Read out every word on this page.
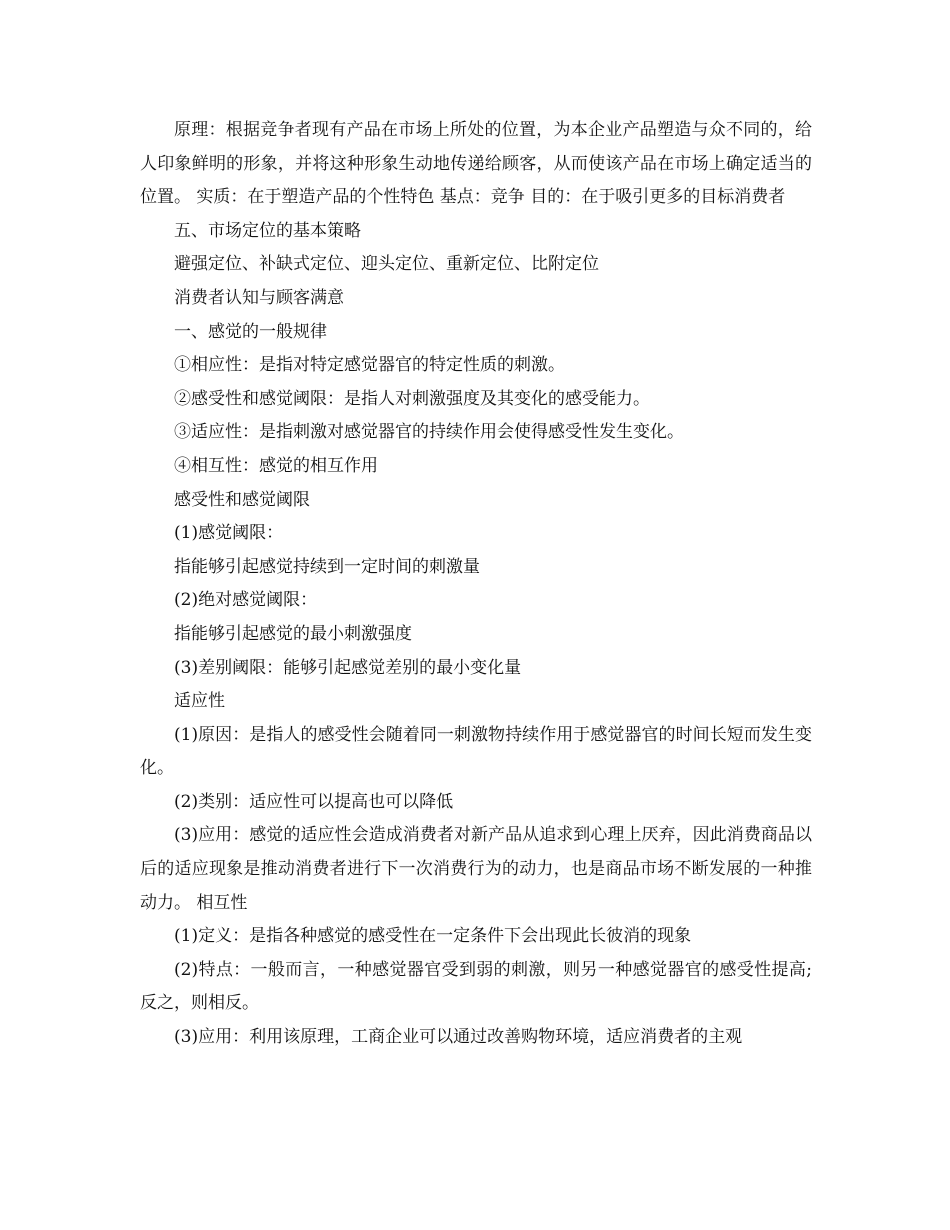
原理：根据竞争者现有产品在市场上所处的位置，为本企业产品塑造与众不同的，给人印象鲜明的形象，并将这种形象生动地传递给顾客，从而使该产品在市场上确定适当的位置。 实质：在于塑造产品的个性特色 基点：竞争 目的：在于吸引更多的目标消费者

五、市场定位的基本策略

避强定位、补缺式定位、迎头定位、重新定位、比附定位

消费者认知与顾客满意

一、感觉的一般规律

①相应性：是指对特定感觉器官的特定性质的刺激。

②感受性和感觉阈限：是指人对刺激强度及其变化的感受能力。

③适应性：是指刺激对感觉器官的持续作用会使得感受性发生变化。

④相互性：感觉的相互作用

感受性和感觉阈限

(1)感觉阈限：

指能够引起感觉持续到一定时间的刺激量

(2)绝对感觉阈限：

指能够引起感觉的最小刺激强度

(3)差别阈限：能够引起感觉差别的最小变化量

适应性

(1)原因：是指人的感受性会随着同一刺激物持续作用于感觉器官的时间长短而发生变化。

(2)类别：适应性可以提高也可以降低

(3)应用：感觉的适应性会造成消费者对新产品从追求到心理上厌弃，因此消费商品以后的适应现象是推动消费者进行下一次消费行为的动力，也是商品市场不断发展的一种推动力。 相互性

(1)定义：是指各种感觉的感受性在一定条件下会出现此长彼消的现象

(2)特点：一般而言，一种感觉器官受到弱的刺激，则另一种感觉器官的感受性提高;反之，则相反。

(3)应用：利用该原理，工商企业可以通过改善购物环境，适应消费者的主观
